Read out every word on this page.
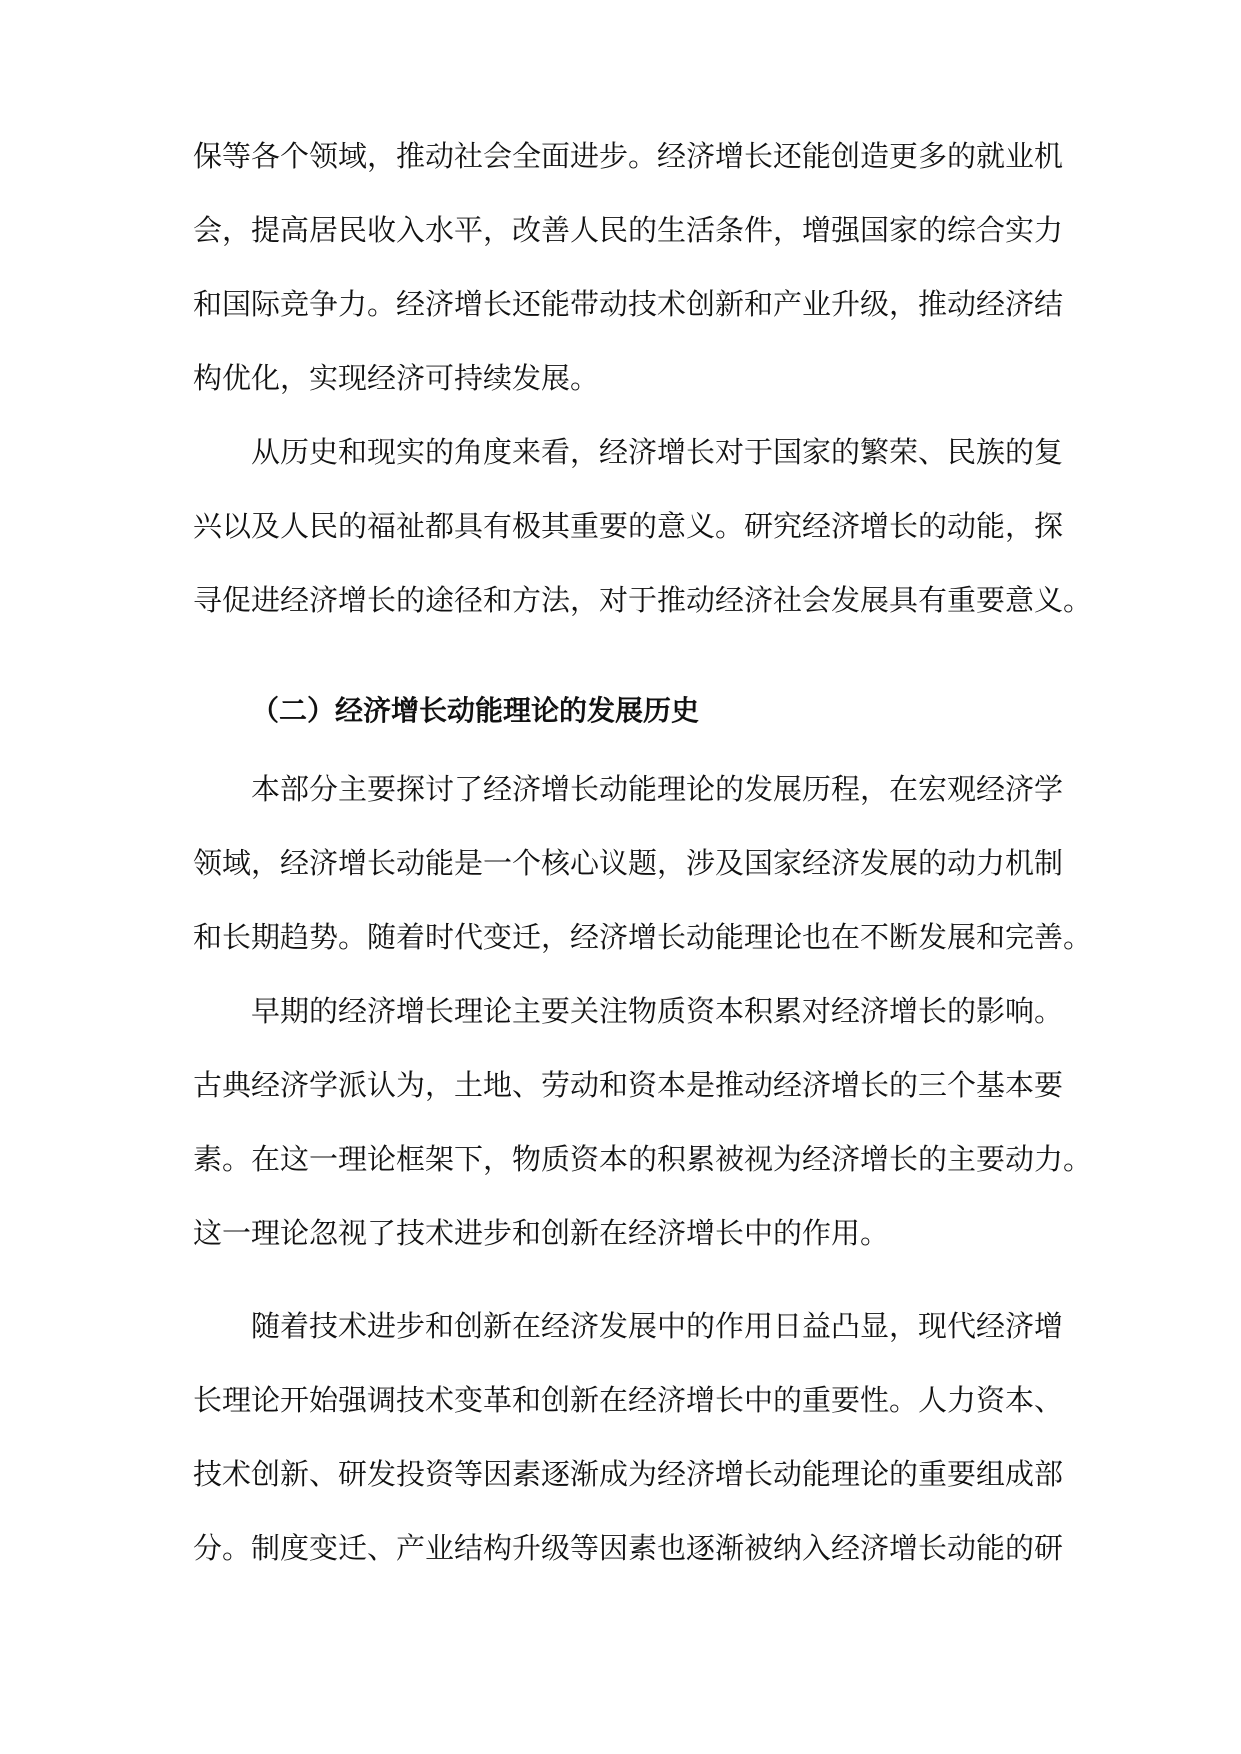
保等各个领域，推动社会全面进步。经济增长还能创造更多的就业机
会，提高居民收入水平，改善人民的生活条件，增强国家的综合实力
和国际竞争力。经济增长还能带动技术创新和产业升级，推动经济结
构优化，实现经济可持续发展。
从历史和现实的角度来看，经济增长对于国家的繁荣、民族的复
兴以及人民的福祉都具有极其重要的意义。研究经济增长的动能，探
寻促进经济增长的途径和方法，对于推动经济社会发展具有重要意义。
（二）经济增长动能理论的发展历史
本部分主要探讨了经济增长动能理论的发展历程，在宏观经济学
领域，经济增长动能是一个核心议题，涉及国家经济发展的动力机制
和长期趋势。随着时代变迁，经济增长动能理论也在不断发展和完善。
早期的经济增长理论主要关注物质资本积累对经济增长的影响。
古典经济学派认为，土地、劳动和资本是推动经济增长的三个基本要
素。在这一理论框架下，物质资本的积累被视为经济增长的主要动力。
这一理论忽视了技术进步和创新在经济增长中的作用。
随着技术进步和创新在经济发展中的作用日益凸显，现代经济增
长理论开始强调技术变革和创新在经济增长中的重要性。人力资本、
技术创新、研发投资等因素逐渐成为经济增长动能理论的重要组成部
分。制度变迁、产业结构升级等因素也逐渐被纳入经济增长动能的研
